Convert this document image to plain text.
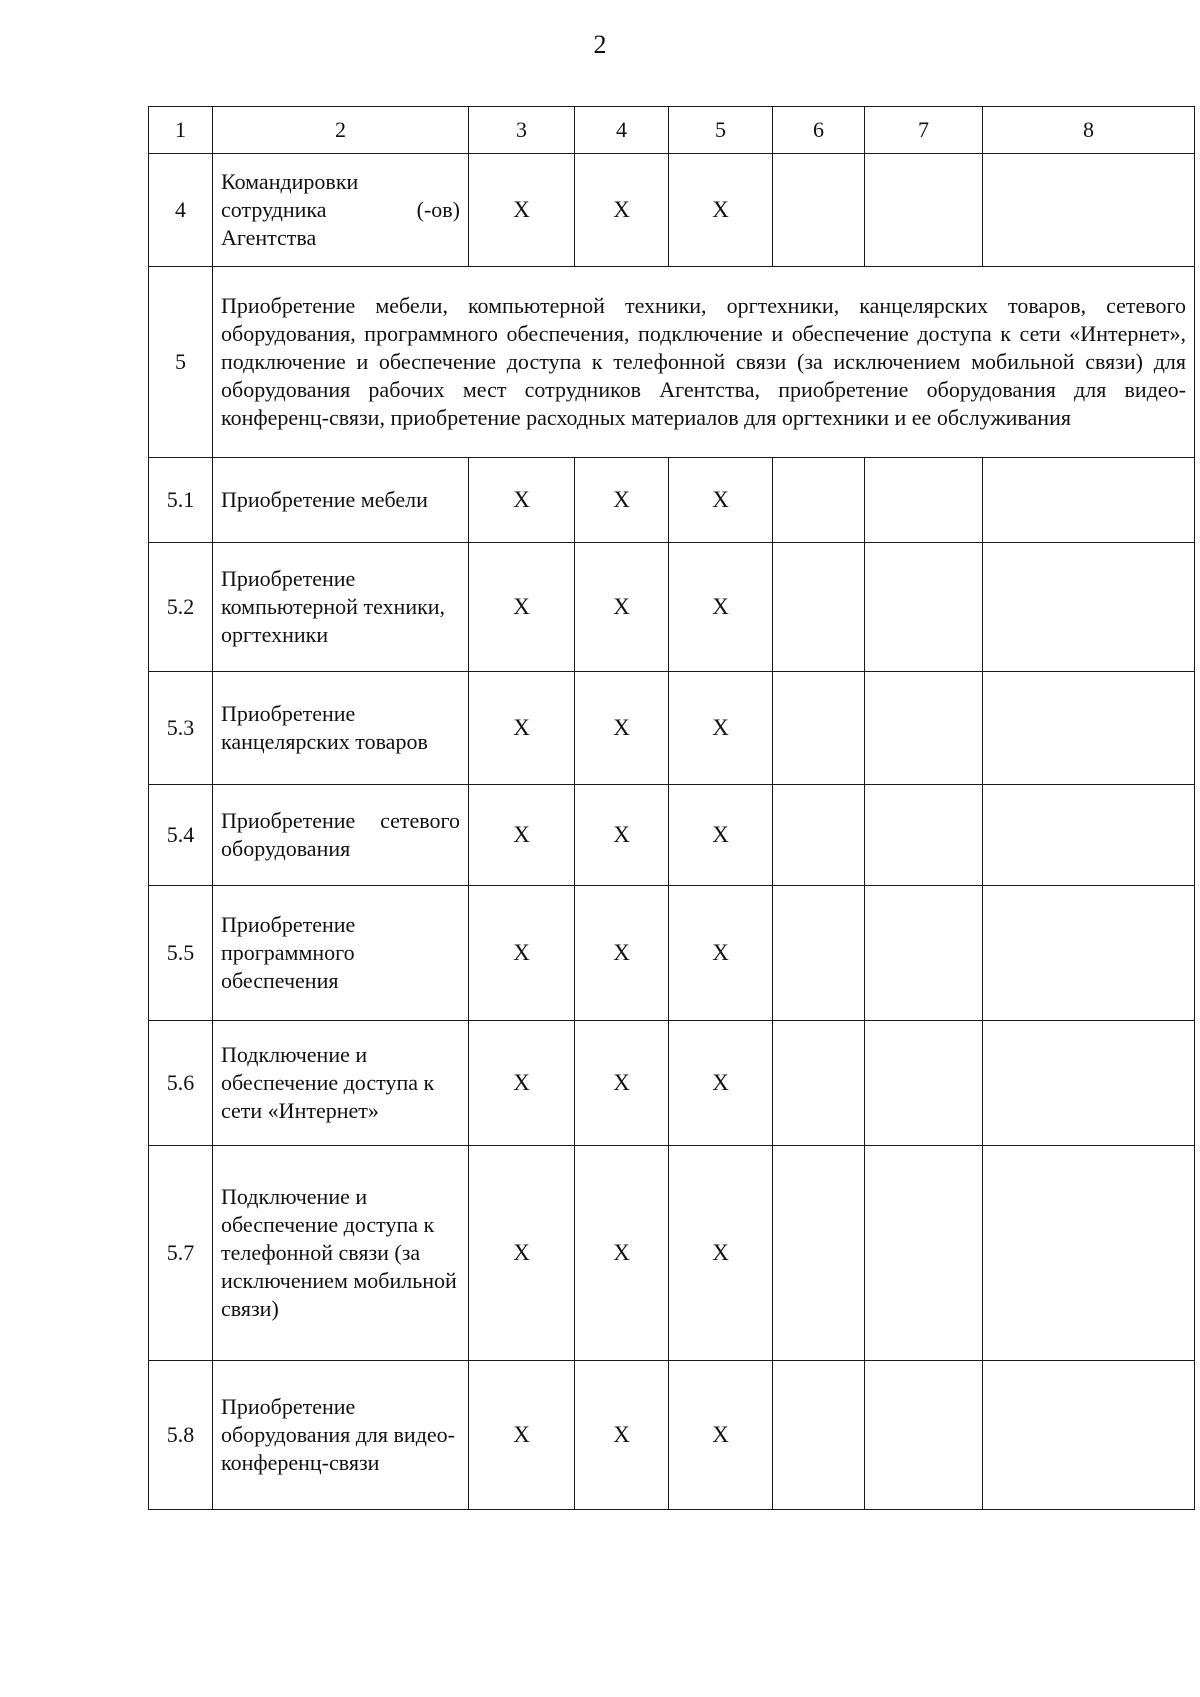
2
1	2	3	4	5	6	7	8
4	Командировки сотрудника (-ов) Агентства	X	X	X			
5	Приобретение мебели, компьютерной техники, оргтехники, канцелярских товаров, сетевого оборудования, программного обеспечения, подключение и обеспечение доступа к сети «Интернет», подключение и обеспечение доступа к телефонной связи (за исключением мобильной связи) для оборудования рабочих мест сотрудников Агентства, приобретение оборудования для видео-конференц-связи, приобретение расходных материалов для оргтехники и ее обслуживания						
5.1	Приобретение мебели	X	X	X			
5.2	Приобретение компьютерной техники, оргтехники	X	X	X			
5.3	Приобретение канцелярских товаров	X	X	X			
5.4	Приобретение сетевого оборудования	X	X	X			
5.5	Приобретение программного обеспечения	X	X	X			
5.6	Подключение и обеспечение доступа к сети «Интернет»	X	X	X			
5.7	Подключение и обеспечение доступа к телефонной связи (за исключением мобильной связи)	X	X	X			
5.8	Приобретение оборудования для видео-конференц-связи	X	X	X			
